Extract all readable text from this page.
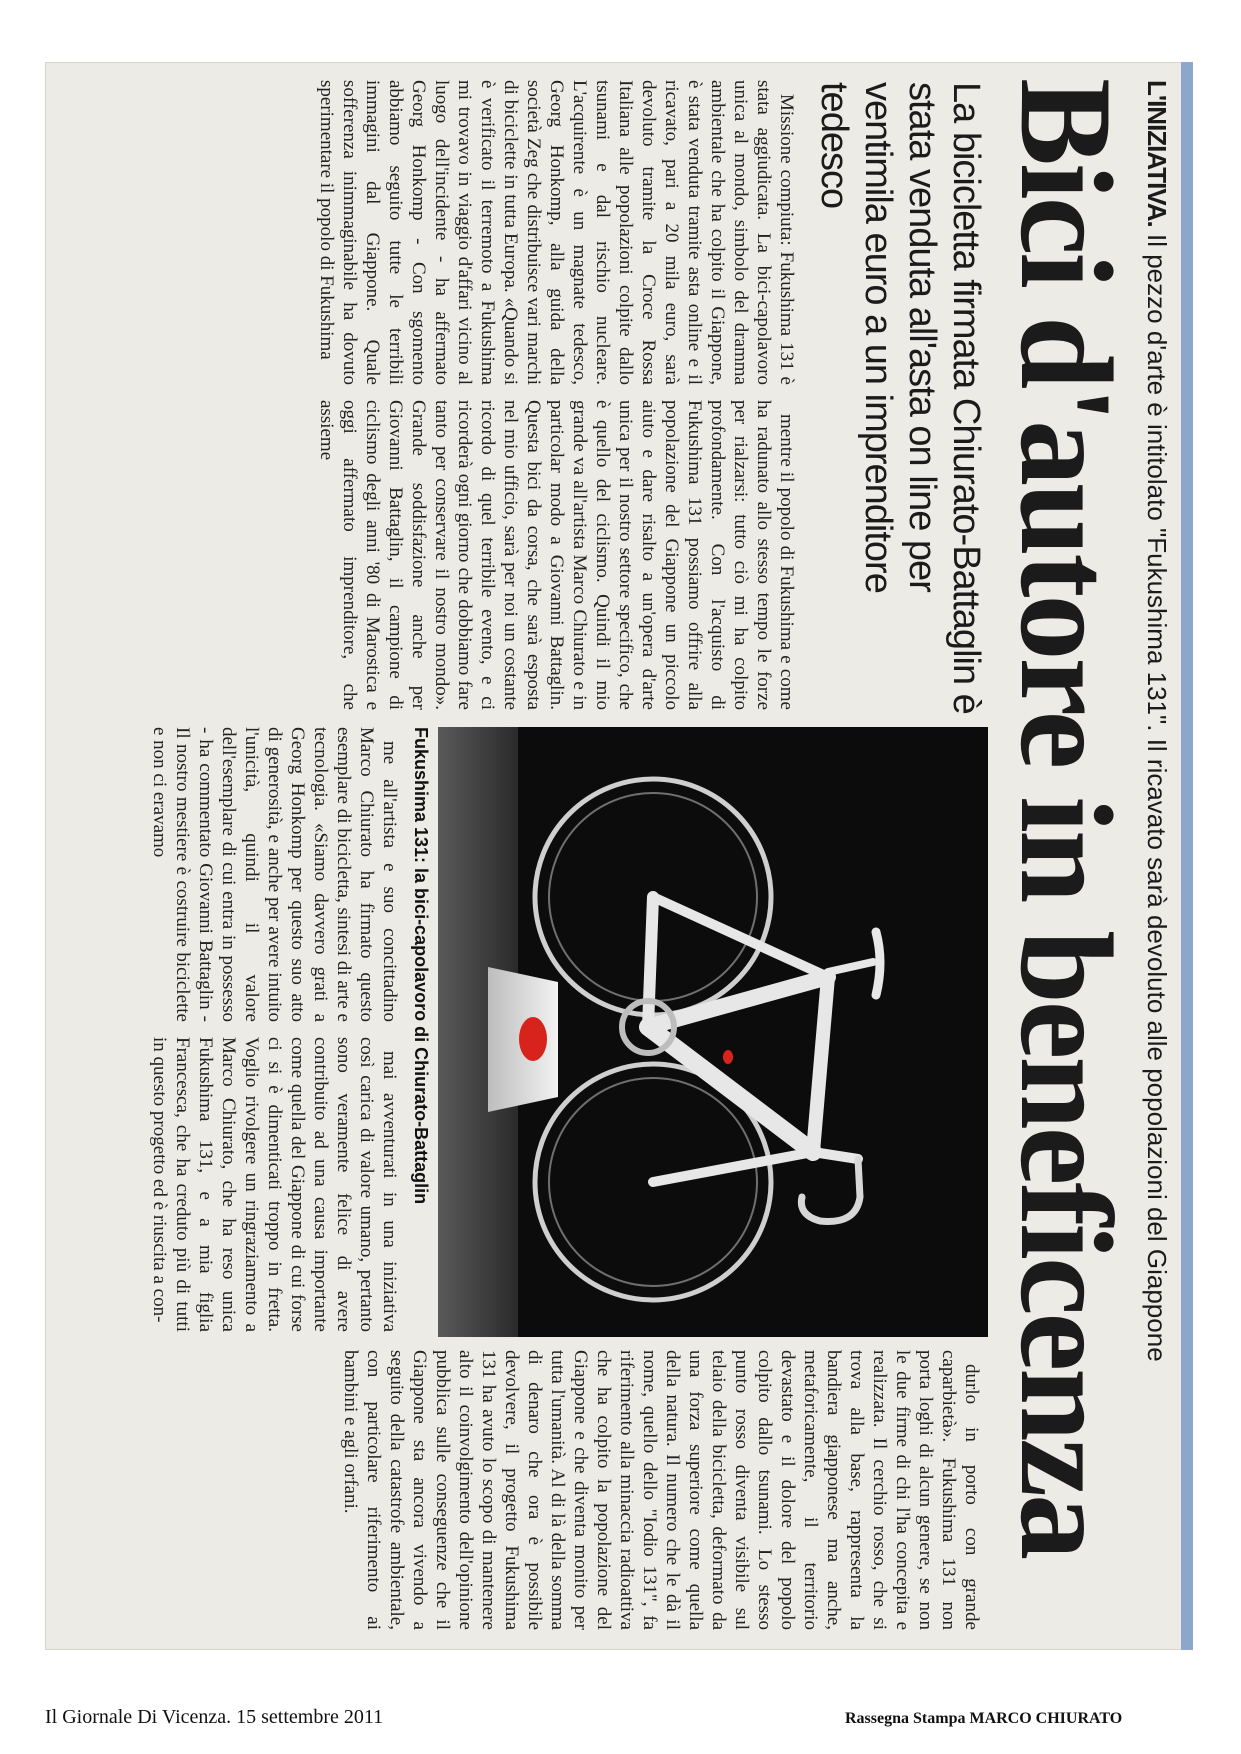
L'INIZIATIVA. Il pezzo d'arte è intitolato "Fukushima 131". Il ricavato sarà devoluto alle popolazioni del Giappone
Bici d'autore in beneficenza
La bicicletta firmata Chiurato-Battaglin è stata venduta all'asta on line per ventimila euro a un imprenditore tedesco

Missione compiuta: Fukushima 131 è stata aggiudicata. La bici-capolavoro unica al mondo, simbolo del dramma ambientale che ha colpito il Giappone, è stata venduta tramite asta online e il ricavato, pari a 20 mila euro, sarà devoluto tramite la Croce Rossa Italiana alle popolazioni colpite dallo tsunami e dal rischio nucleare. L'acquirente è un magnate tedesco, Georg Honkomp, alla guida della società Zeg che distribuisce vari marchi di biciclette in tutta Europa. «Quando si è verificato il terremoto a Fukushima mi trovavo in viaggio d'affari vicino al luogo dell'incidente - ha affermato Georg Honkomp - Con sgomento abbiamo seguito tutte le terribili immagini dal Giappone. Quale sofferenza inimmaginabile ha dovuto sperimentare il popolo di Fukushima

mentre il popolo di Fukushima e come ha radunato allo stesso tempo le forze per rialzarsi: tutto ciò mi ha colpito profondamente. Con l'acquisto di Fukushima 131 possiamo offrire alla popolazione del Giappone un piccolo aiuto e dare risalto a un'opera d'arte unica per il nostro settore specifico, che è quello del ciclismo. Quindi il mio grande va all'artista Marco Chiurato e in particolar modo a Giovanni Battaglin. Questa bici da corsa, che sarà esposta nel mio ufficio, sarà per noi un costante ricordo di quel terribile evento, e ci ricorderà ogni giorno che dobbiamo fare tanto per conservare il nostro mondo». Grande soddisfazione anche per Giovanni Battaglin, il campione di ciclismo degli anni '80 di Marostica e oggi affermato imprenditore, che assieme

Fukushima 131: la bici-capolavoro di Chiurato-Battaglin

me all'artista e suo concittadino Marco Chiurato ha firmato questo esemplare di bicicletta, sintesi di arte e tecnologia. «Siamo davvero grati a Georg Honkomp per questo suo atto di generosità, e anche per avere intuito l'unicità, quindi il valore dell'esemplare di cui entra in possesso - ha commentato Giovanni Battaglin - Il nostro mestiere è costruire biciclette e non ci eravamo

mai avventurati in una iniziativa così carica di valore umano, pertanto sono veramente felice di avere contribuito ad una causa importante come quella del Giappone di cui forse ci si è dimenticati troppo in fretta. Voglio rivolgere un ringraziamento a Marco Chiurato, che ha reso unica Fukushima 131, e a mia figlia Francesca, che ha creduto più di tutti in questo progetto ed è riuscita a con-

durlo in porto con grande caparbietà». Fukushima 131 non porta loghi di alcun genere, se non le due firme di chi l'ha concepita e realizzata. Il cerchio rosso, che si trova alla base, rappresenta la bandiera giapponese ma anche, metaforicamente, il territorio devastato e il dolore del popolo colpito dallo tsunami. Lo stesso punto rosso diventa visibile sul telaio della bicicletta, deformato da una forza superiore come quella della natura. Il numero che le dà il nome, quello dello "Iodio 131", fa riferimento alla minaccia radioattiva che ha colpito la popolazione del Giappone e che diventa monito per tutta l'umanità. Al di là della somma di denaro che ora è possibile devolvere, il progetto Fukushima 131 ha avuto lo scopo di mantenere alto il coinvolgimento dell'opinione pubblica sulle conseguenze che il Giappone sta ancora vivendo a seguito della catastrofe ambientale, con particolare riferimento ai bambini e agli orfani.

Il Giornale Di Vicenza. 15 settembre 2011	Rassegna Stampa MARCO CHIURATO
